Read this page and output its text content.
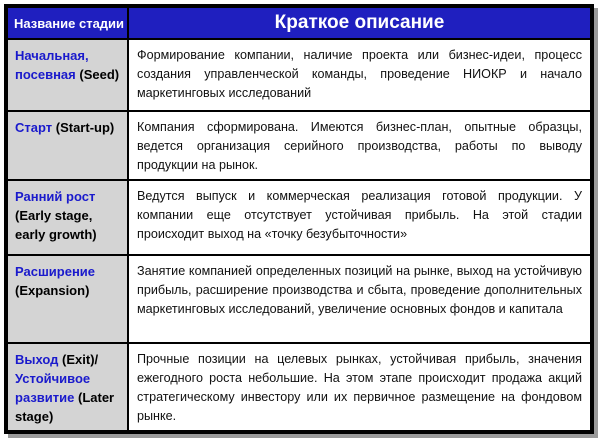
Название стадии	Краткое описание
Начальная, посевная (Seed)	Формирование компании, наличие проекта или бизнес-идеи, процесс создания управленческой команды, проведение НИОКР и начало маркетинговых исследований
Старт (Start-up)	Компания сформирована. Имеются бизнес-план, опытные образцы, ведется организация серийного производства, работы по выводу продукции на рынок.
Ранний рост (Early stage, early growth)	Ведутся выпуск и коммерческая реализация готовой продукции. У компании еще отсутствует устойчивая прибыль. На этой стадии происходит выход на «точку безубыточности»
Расширение (Expansion)	Занятие компанией определенных позиций на рынке, выход на устойчивую прибыль, расширение производства и сбыта, проведение дополнительных маркетинговых исследований, увеличение основных фондов и капитала
Выход (Exit)/ Устойчивое развитие (Later stage)	Прочные позиции на целевых рынках, устойчивая прибыль, значения ежегодного роста небольшие. На этом этапе происходит продажа акций стратегическому инвестору или их первичное размещение на фондовом рынке.
